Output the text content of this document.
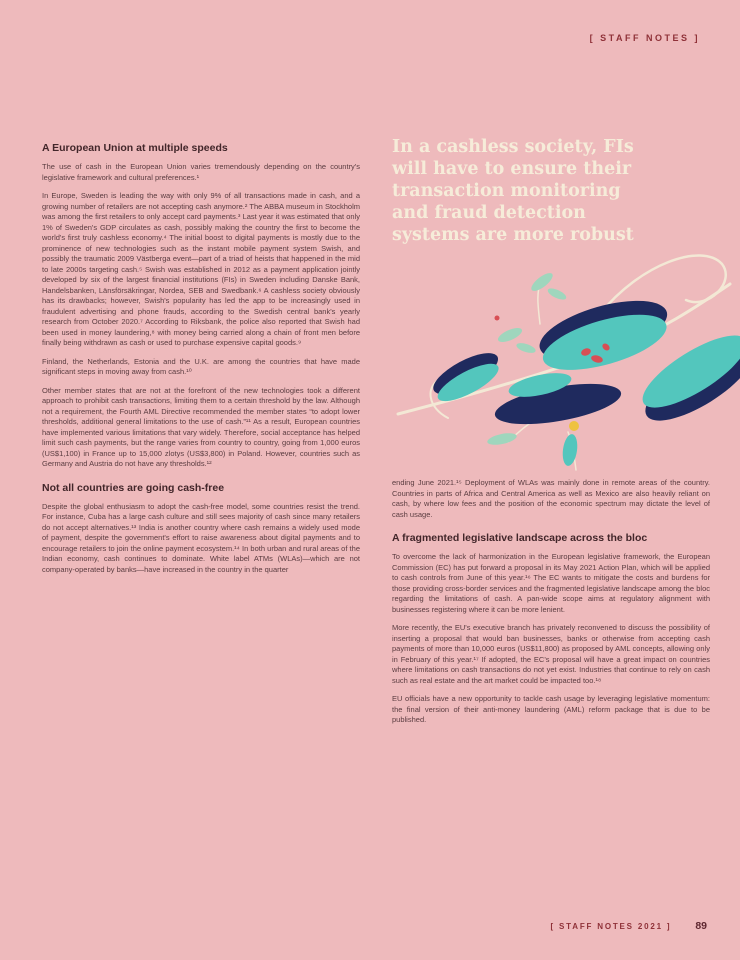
[ STAFF NOTES ]
A European Union at multiple speeds

The use of cash in the European Union varies tremendously depending on the country's legislative framework and cultural preferences.¹

In Europe, Sweden is leading the way with only 9% of all transactions made in cash, and a growing number of retailers are not accepting cash anymore.² The ABBA museum in Stockholm was among the first retailers to only accept card payments.³ Last year it was estimated that only 1% of Sweden's GDP circulates as cash, possibly making the country the first to become the world's first truly cashless economy.⁴ The initial boost to digital payments is mostly due to the prominence of new technologies such as the instant mobile payment system Swish, and possibly the traumatic 2009 Västberga event—part of a triad of heists that happened in the mid to late 2000s targeting cash.⁵ Swish was established in 2012 as a payment application jointly developed by six of the largest financial institutions (FIs) in Sweden including Danske Bank, Handelsbanken, Länsförsäkringar, Nordea, SEB and Swedbank.⁶ A cashless society obviously has its drawbacks; however, Swish's popularity has led the app to be increasingly used in fraudulent advertising and phone frauds, according to the Swedish central bank's yearly research from October 2020.⁷ According to Riksbank, the police also reported that Swish had been used in money laundering,⁸ with money being carried along a chain of front men before finally being withdrawn as cash or used to purchase expensive capital goods.⁹

Finland, the Netherlands, Estonia and the U.K. are among the countries that have made significant steps in moving away from cash.¹⁰

Other member states that are not at the forefront of the new technologies took a different approach to prohibit cash transactions, limiting them to a certain threshold by the law. Although not a requirement, the Fourth AML Directive recommended the member states “to adopt lower thresholds, additional general limitations to the use of cash.”¹¹ As a result, European countries have implemented various limitations that vary widely. Therefore, social acceptance has helped limit such cash payments, but the range varies from country to country, going from 1,000 euros (US$1,100) in France up to 15,000 zlotys (US$3,800) in Poland. However, countries such as Germany and Austria do not have any thresholds.¹²

Not all countries are going cash-free

Despite the global enthusiasm to adopt the cash-free model, some countries resist the trend. For instance, Cuba has a large cash culture and still sees majority of cash since many retailers do not accept alternatives.¹³ India is another country where cash remains a widely used mode of payment, despite the government's effort to raise awareness about digital payments and to encourage retailers to join the online payment ecosystem.¹⁴ In both urban and rural areas of the Indian economy, cash continues to dominate. White label ATMs (WLAs)—which are not company-operated by banks—have increased in the country in the quarter

In a cashless society, FIs
will have to ensure their
transaction monitoring
and fraud detection
systems are more robust

ending June 2021.¹⁵ Deployment of WLAs was mainly done in remote areas of the country. Countries in parts of Africa and Central America as well as Mexico are also heavily reliant on cash, by where low fees and the position of the economic spectrum may dictate the level of cash usage.

A fragmented legislative landscape across the bloc

To overcome the lack of harmonization in the European legislative framework, the European Commission (EC) has put forward a proposal in its May 2021 Action Plan, which will be applied to cash controls from June of this year.¹⁶ The EC wants to mitigate the costs and burdens for those providing cross-border services and the fragmented legislative landscape among the bloc regarding the limitations of cash. A pan-wide scope aims at regulatory alignment with businesses registering where it can be more lenient.

More recently, the EU's executive branch has privately reconvened to discuss the possibility of inserting a proposal that would ban businesses, banks or otherwise from accepting cash payments of more than 10,000 euros (US$11,800) as proposed by AML concepts, allowing only in February of this year.¹⁷ If adopted, the EC's proposal will have a great impact on countries where limitations on cash transactions do not yet exist. Industries that continue to rely on cash such as real estate and the art market could be impacted too.¹⁸

EU officials have a new opportunity to tackle cash usage by leveraging legislative momentum: the final version of their anti-money laundering (AML) reform package that is due to be published.

[ STAFF NOTES 2021 ] 89
